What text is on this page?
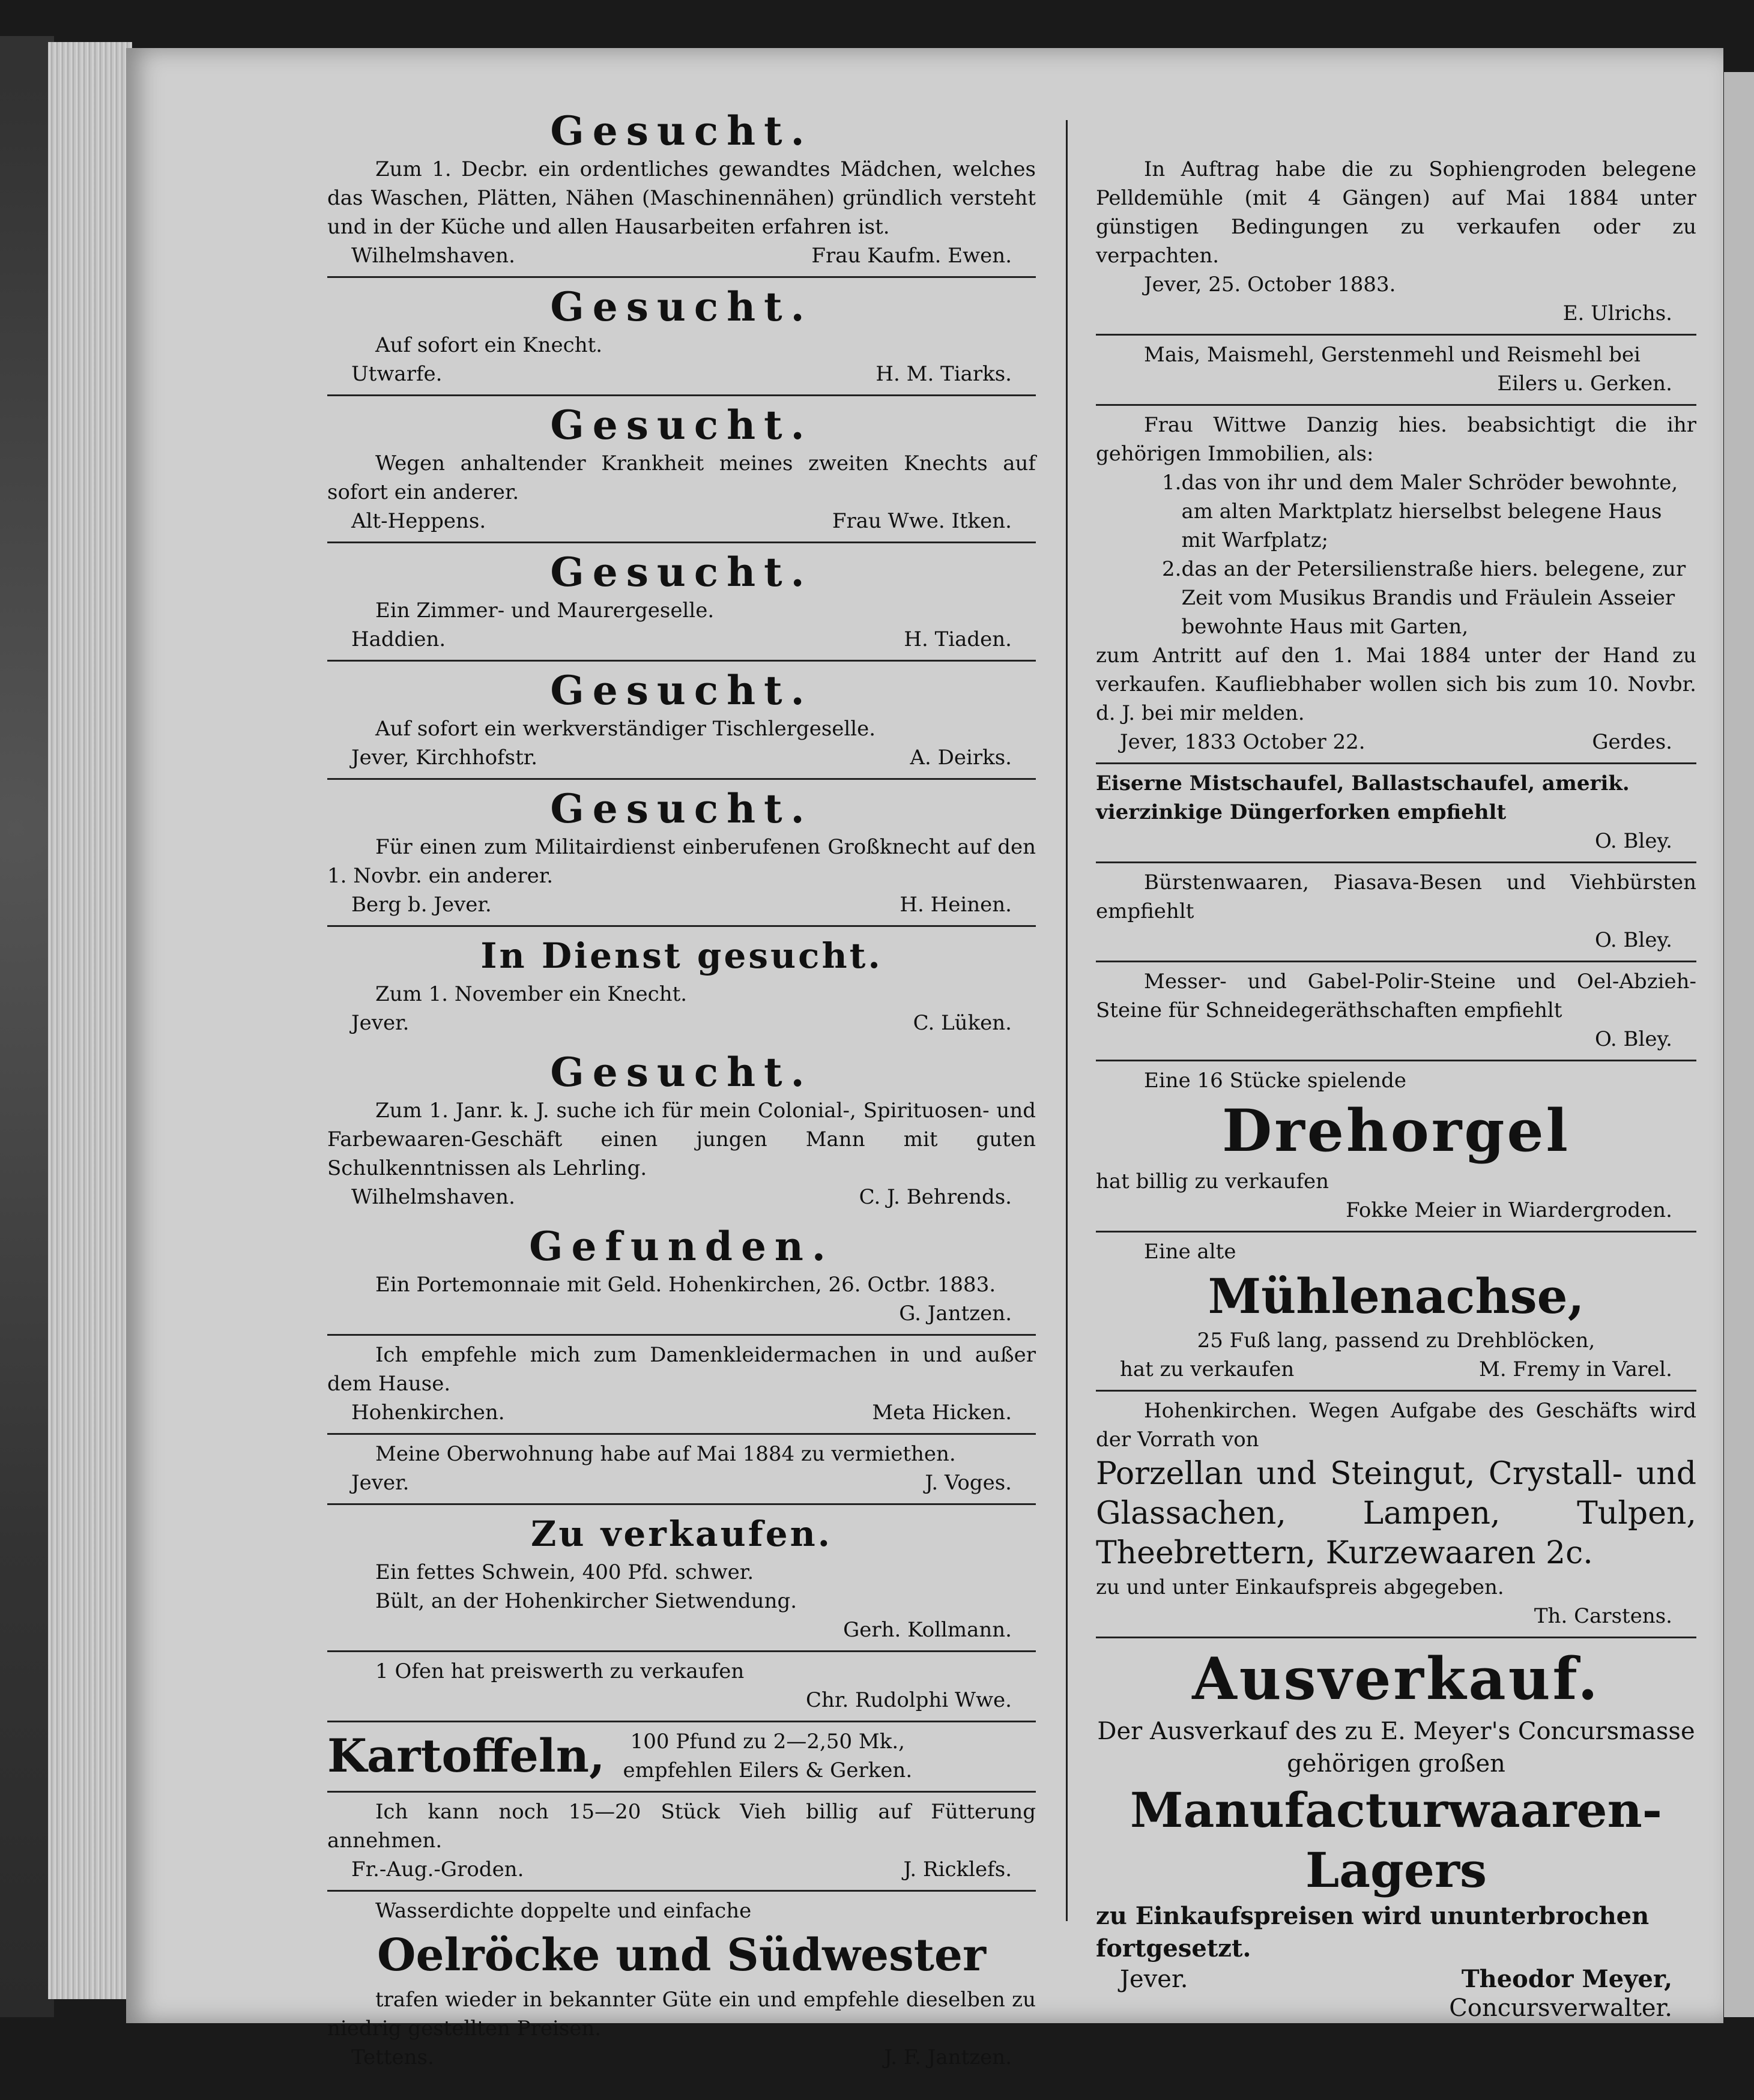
Gesucht.
Zum 1. Decbr. ein ordentliches gewandtes Mädchen, welches das Waschen, Plätten, Nähen (Maschinennähen) gründlich versteht und in der Küche und allen Hausarbeiten erfahren ist.
Wilhelmshaven.	Frau Kaufm. Ewen.
Gesucht.
Auf sofort ein Knecht.
Utwarfe.	H. M. Tiarks.
Gesucht.
Wegen anhaltender Krankheit meines zweiten Knechts auf sofort ein anderer.
Alt-Heppens.	Frau Wwe. Itken.
Gesucht.
Ein Zimmer- und Maurergeselle.
Haddien.	H. Tiaden.
Gesucht.
Auf sofort ein werkverständiger Tischlergeselle.
Jever, Kirchhofstr.	A. Deirks.
Gesucht.
Für einen zum Militairdienst einberufenen Großknecht auf den 1. Novbr. ein anderer.
Berg b. Jever.	H. Heinen.
In Dienst gesucht.
Zum 1. November ein Knecht.
Jever.	C. Lüken.
Gesucht.
Zum 1. Janr. k. J. suche ich für mein Colonial-, Spirituosen- und Farbewaaren-Geschäft einen jungen Mann mit guten Schulkenntnissen als Lehrling.
Wilhelmshaven.	C. J. Behrends.
Gefunden.
Ein Portemonnaie mit Geld. Hohenkirchen, 26. Octbr. 1883.
G. Jantzen.
Ich empfehle mich zum Damenkleidermachen in und außer dem Hause.
Hohenkirchen.	Meta Hicken.
Meine Oberwohnung habe auf Mai 1884 zu vermiethen.
Jever.	J. Voges.
Zu verkaufen.
Ein fettes Schwein, 400 Pfd. schwer.
Bült, an der Hohenkircher Sietwendung.
Gerh. Kollmann.
1 Ofen hat preiswerth zu verkaufen
Chr. Rudolphi Wwe.
Kartoffeln,	100 Pfund zu 2—2,50 Mk.,
empfehlen Eilers & Gerken.
Ich kann noch 15—20 Stück Vieh billig auf Fütterung annehmen.
Fr.-Aug.-Groden.	J. Ricklefs.
Wasserdichte doppelte und einfache
Oelröcke und Südwester
trafen wieder in bekannter Güte ein und empfehle dieselben zu niedrig gestellten Preisen.
Tettens.	J. F. Jantzen.
In Auftrag habe die zu Sophiengroden belegene Pelldemühle (mit 4 Gängen) auf Mai 1884 unter günstigen Bedingungen zu verkaufen oder zu verpachten.
Jever, 25. October 1883.
E. Ulrichs.
Mais, Maismehl, Gerstenmehl und Reismehl bei
Eilers u. Gerken.
Frau Wittwe Danzig hies. beabsichtigt die ihr gehörigen Immobilien, als:
1. das von ihr und dem Maler Schröder bewohnte, am alten Marktplatz hierselbst belegene Haus mit Warfplatz;
2. das an der Petersilienstraße hiers. belegene, zur Zeit vom Musikus Brandis und Fräulein Asseier bewohnte Haus mit Garten,
zum Antritt auf den 1. Mai 1884 unter der Hand zu verkaufen. Kaufliebhaber wollen sich bis zum 10. Novbr. d. J. bei mir melden.
Jever, 1833 October 22.	Gerdes.
Eiserne Mistschaufel, Ballastschaufel, amerik. vierzinkige Düngerforken empfiehlt
O. Bley.
Bürstenwaaren, Piasava-Besen und Viehbürsten empfiehlt
O. Bley.
Messer- und Gabel-Polir-Steine und Oel-Abzieh-Steine für Schneidegeräthschaften empfiehlt
O. Bley.
Eine 16 Stücke spielende
Drehorgel
hat billig zu verkaufen
Fokke Meier in Wiardergroden.
Eine alte
Mühlenachse,
25 Fuß lang, passend zu Drehblöcken,
hat zu verkaufen	M. Fremy in Varel.
Hohenkirchen. Wegen Aufgabe des Geschäfts wird der Vorrath von
Porzellan und Steingut, Crystall- und Glassachen, Lampen, Tulpen, Theebrettern, Kurzewaaren 2c.
zu und unter Einkaufspreis abgegeben.
Th. Carstens.
Ausverkauf.
Der Ausverkauf des zu E. Meyer's Concursmasse gehörigen großen
Manufacturwaaren-
Lagers
zu Einkaufspreisen wird ununterbrochen fortgesetzt.
Jever.	Theodor Meyer,
Concursverwalter.
